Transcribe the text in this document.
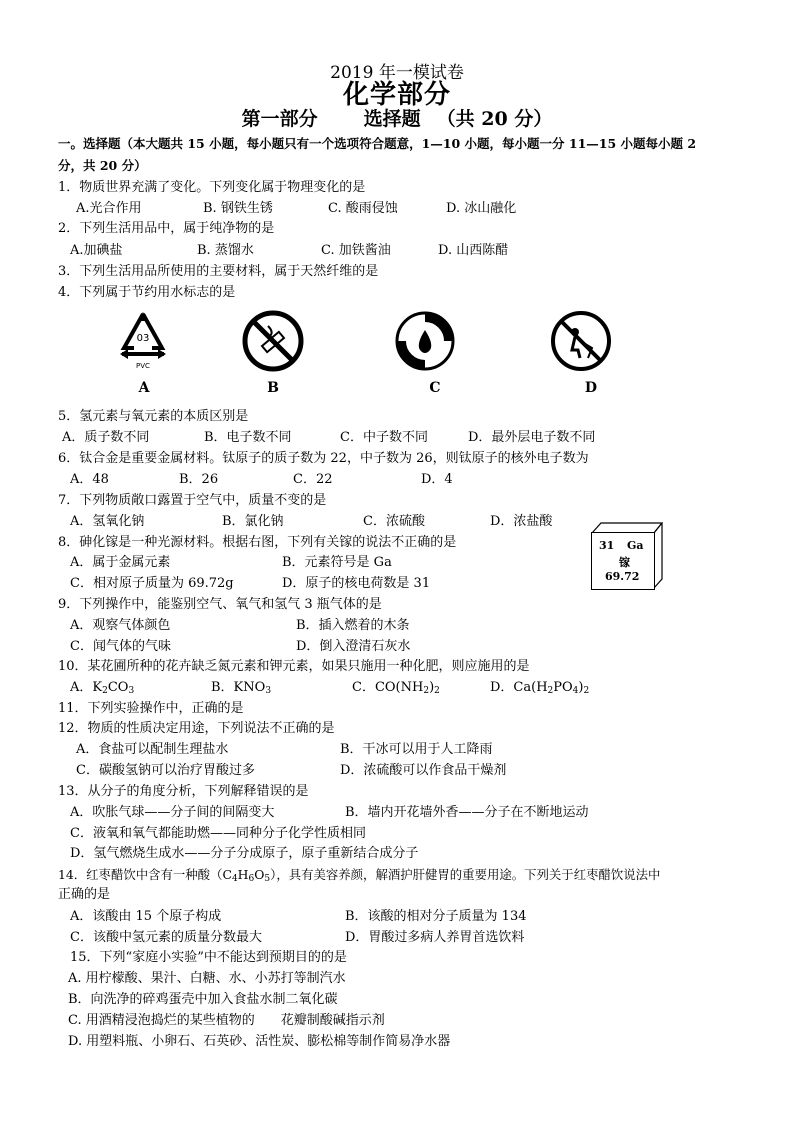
2019 年一模试卷
化学部分
第一部分 选择题 （共 20 分）
一。选择题（本大题共 15 小题，每小题只有一个选项符合题意，1—10 小题，每小题一分 11—15 小题每小题 2
分，共 20 分）
1．物质世界充满了变化。下列变化属于物理变化的是
A.光合作用	B. 钢铁生锈	C. 酸雨侵蚀	D. 冰山融化
2．下列生活用品中，属于纯净物的是
A.加碘盐	B. 蒸馏水	C. 加铁酱油	D. 山西陈醋
3．下列生活用品所使用的主要材料，属于天然纤维的是
4．下列属于节约用水标志的是
03
PVC
A	B	C	D
5．氢元素与氧元素的本质区别是
A．质子数不同	B．电子数不同	C．中子数不同	D．最外层电子数不同
6．钛合金是重要金属材料。钛原子的质子数为 22，中子数为 26，则钛原子的核外电子数为
A．48	B．26	C．22	D．4
7．下列物质敞口露置于空气中，质量不变的是
A．氢氧化钠	B．氯化钠	C．浓硫酸	D．浓盐酸
8．砷化镓是一种光源材料。根据右图，下列有关镓的说法不正确的是
A．属于金属元素	B．元素符号是 Ga
C．相对原子质量为 69.72g	D．原子的核电荷数是 31
31 Ga
镓
69.72
9．下列操作中，能鉴别空气、氧气和氢气 3 瓶气体的是
A．观察气体颜色	B．插入燃着的木条
C．闻气体的气味	D．倒入澄清石灰水
10．某花圃所种的花卉缺乏氮元素和钾元素，如果只施用一种化肥，则应施用的是
A．$K_2CO_3$	B．$KNO_3$	C．$CO(NH_2)_2$	D．$Ca(H_2PO_4)_2$
11．下列实验操作中，正确的是
12．物质的性质决定用途，下列说法不正确的是
A．食盐可以配制生理盐水	B．干冰可以用于人工降雨
C．碳酸氢钠可以治疗胃酸过多	D．浓硫酸可以作食品干燥剂
13．从分子的角度分析，下列解释错误的是
A．吹胀气球——分子间的间隔变大	B．墙内开花墙外香——分子在不断地运动
C．液氧和氧气都能助燃——同种分子化学性质相同
D．氢气燃烧生成水——分子分成原子，原子重新结合成分子
14．红枣醋饮中含有一种酸$(C_4H_6O_5)$，具有美容养颜，解酒护肝健胃的重要用途。下列关于红枣醋饮说法中
正确的是
A．该酸由 15 个原子构成	B．该酸的相对分子质量为 134
C．该酸中氢元素的质量分数最大	D．胃酸过多病人养胃首选饮料
15．下列“家庭小实验”中不能达到预期目的的是
A. 用柠檬酸、果汁、白糖、水、小苏打等制汽水
B．向洗净的碎鸡蛋壳中加入食盐水制二氧化碳
C. 用酒精浸泡捣烂的某些植物的　　花瓣制酸碱指示剂
D. 用塑料瓶、小卵石、石英砂、活性炭、膨松棉等制作简易净水器
